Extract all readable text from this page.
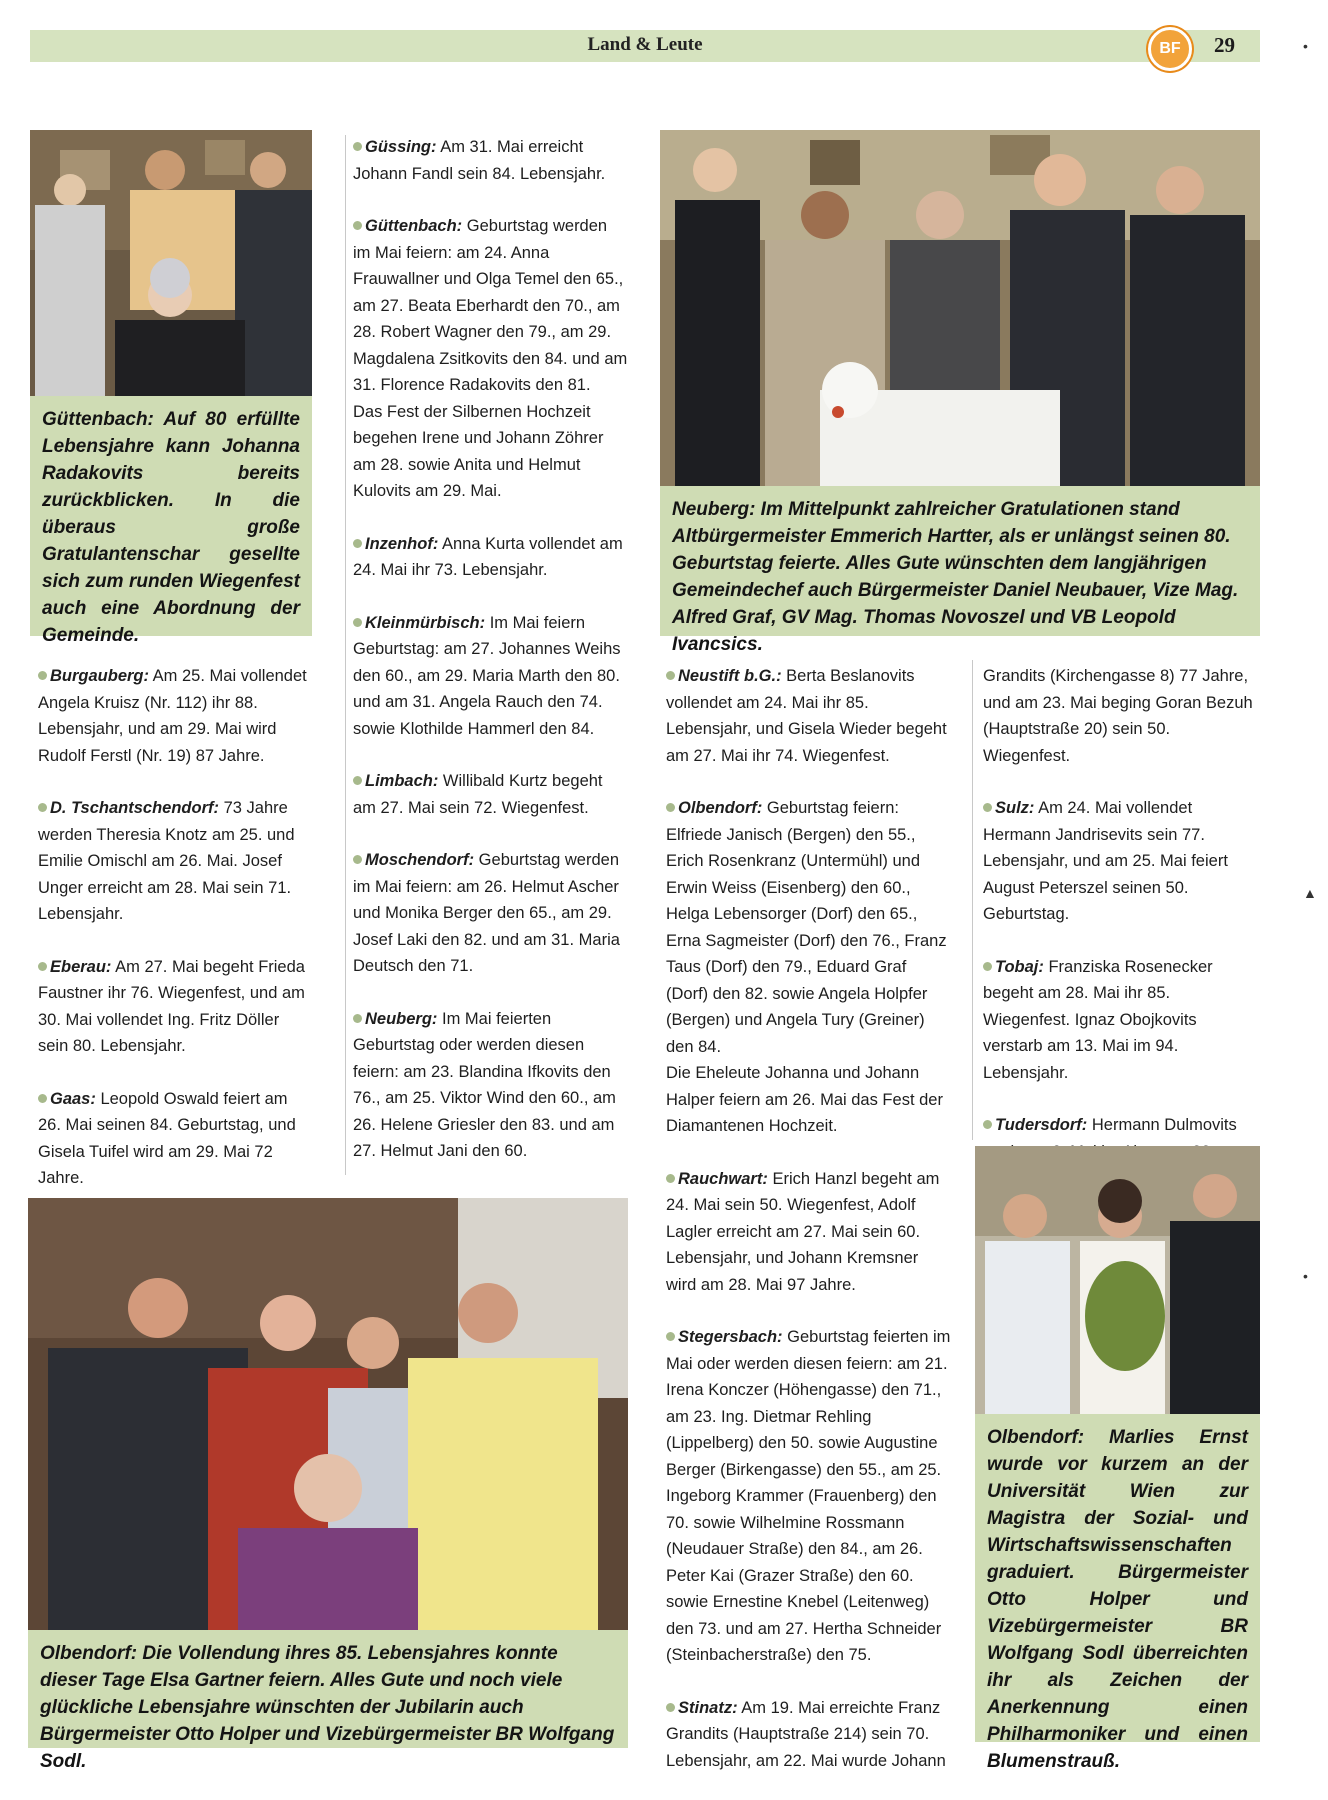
Land & Leute	BF	29
Güttenbach: Auf 80 erfüllte Lebensjahre kann Johanna Radakovits bereits zurückblicken. In die überaus große Gratulantenschar gesellte sich zum runden Wiegenfest auch eine Abordnung der Gemeinde.
Burgauberg: Am 25. Mai vollendet Angela Kruisz (Nr. 112) ihr 88. Lebensjahr, und am 29. Mai wird Rudolf Ferstl (Nr. 19) 87 Jahre.
D. Tschantschendorf: 73 Jahre werden Theresia Knotz am 25. und Emilie Omischl am 26. Mai. Josef Unger erreicht am 28. Mai sein 71. Lebensjahr.
Eberau: Am 27. Mai begeht Frieda Faustner ihr 76. Wiegenfest, und am 30. Mai vollendet Ing. Fritz Döller sein 80. Lebensjahr.
Gaas: Leopold Oswald feiert am 26. Mai seinen 84. Geburtstag, und Gisela Tuifel wird am 29. Mai 72 Jahre.
Güssing: Am 31. Mai erreicht Johann Fandl sein 84. Lebensjahr.
Güttenbach: Geburtstag werden im Mai feiern: am 24. Anna Frauwallner und Olga Temel den 65., am 27. Beata Eberhardt den 70., am 28. Robert Wagner den 79., am 29. Magdalena Zsitkovits den 84. und am 31. Florence Radakovits den 81.
Das Fest der Silbernen Hochzeit begehen Irene und Johann Zöhrer am 28. sowie Anita und Helmut Kulovits am 29. Mai.
Inzenhof: Anna Kurta vollendet am 24. Mai ihr 73. Lebensjahr.
Kleinmürbisch: Im Mai feiern Geburtstag: am 27. Johannes Weihs den 60., am 29. Maria Marth den 80. und am 31. Angela Rauch den 74. sowie Klothilde Hammerl den 84.
Limbach: Willibald Kurtz begeht am 27. Mai sein 72. Wiegenfest.
Moschendorf: Geburtstag werden im Mai feiern: am 26. Helmut Ascher und Monika Berger den 65., am 29. Josef Laki den 82. und am 31. Maria Deutsch den 71.
Neuberg: Im Mai feierten Geburtstag oder werden diesen feiern: am 23. Blandina Ifkovits den 76., am 25. Viktor Wind den 60., am 26. Helene Griesler den 83. und am 27. Helmut Jani den 60.
Neuberg: Im Mittelpunkt zahlreicher Gratulationen stand Altbürgermeister Emmerich Hartter, als er unlängst seinen 80. Geburtstag feierte. Alles Gute wünschten dem langjährigen Gemeindechef auch Bürgermeister Daniel Neubauer, Vize Mag. Alfred Graf, GV Mag. Thomas Novoszel und VB Leopold Ivancsics.
Neustift b.G.: Berta Beslanovits vollendet am 24. Mai ihr 85. Lebensjahr, und Gisela Wieder begeht am 27. Mai ihr 74. Wiegenfest.
Olbendorf: Geburtstag feiern: Elfriede Janisch (Bergen) den 55., Erich Rosenkranz (Untermühl) und Erwin Weiss (Eisenberg) den 60., Helga Lebensorger (Dorf) den 65., Erna Sagmeister (Dorf) den 76., Franz Taus (Dorf) den 79., Eduard Graf (Dorf) den 82. sowie Angela Holpfer (Bergen) und Angela Tury (Greiner) den 84.
Die Eheleute Johanna und Johann Halper feiern am 26. Mai das Fest der Diamantenen Hochzeit.
Rauchwart: Erich Hanzl begeht am 24. Mai sein 50. Wiegenfest, Adolf Lagler erreicht am 27. Mai sein 60. Lebensjahr, und Johann Kremsner wird am 28. Mai 97 Jahre.
Stegersbach: Geburtstag feierten im Mai oder werden diesen feiern: am 21. Irena Konczer (Höhengasse) den 71., am 23. Ing. Dietmar Rehling (Lippelberg) den 50. sowie Augustine Berger (Birkengasse) den 55., am 25. Ingeborg Krammer (Frauenberg) den 70. sowie Wilhelmine Rossmann (Neudauer Straße) den 84., am 26. Peter Kai (Grazer Straße) den 60. sowie Ernestine Knebel (Leitenweg) den 73. und am 27. Hertha Schneider (Steinbacherstraße) den 75.
Stinatz: Am 19. Mai erreichte Franz Grandits (Hauptstraße 214) sein 70. Lebensjahr, am 22. Mai wurde Johann
Grandits (Kirchengasse 8) 77 Jahre, und am 23. Mai beging Goran Bezuh (Hauptstraße 20) sein 50. Wiegenfest.
Sulz: Am 24. Mai vollendet Hermann Jandrisevits sein 77. Lebensjahr, und am 25. Mai feiert August Peterszel seinen 50. Geburtstag.
Tobaj: Franziska Rosenecker begeht am 28. Mai ihr 85. Wiegenfest. Ignaz Obojkovits verstarb am 13. Mai im 94. Lebensjahr.
Tudersdorf: Hermann Dulmovits
Olbendorf: Die Vollendung ihres 85. Lebensjahres konnte dieser Tage Elsa Gartner feiern. Alles Gute und noch viele glückliche Lebensjahre wünschten der Jubilarin auch Bürgermeister Otto Holper und Vizebürgermeister BR Wolfgang Sodl.
Olbendorf: Marlies Ernst wurde vor kurzem an der Universität Wien zur Magistra der Sozial- und Wirtschaftswissenschaften graduiert. Bürgermeister Otto Holper und Vizebürgermeister BR Wolfgang Sodl überreichten ihr als Zeichen der Anerkennung einen Philharmoniker und einen Blumenstrauß.
•
▲
•
